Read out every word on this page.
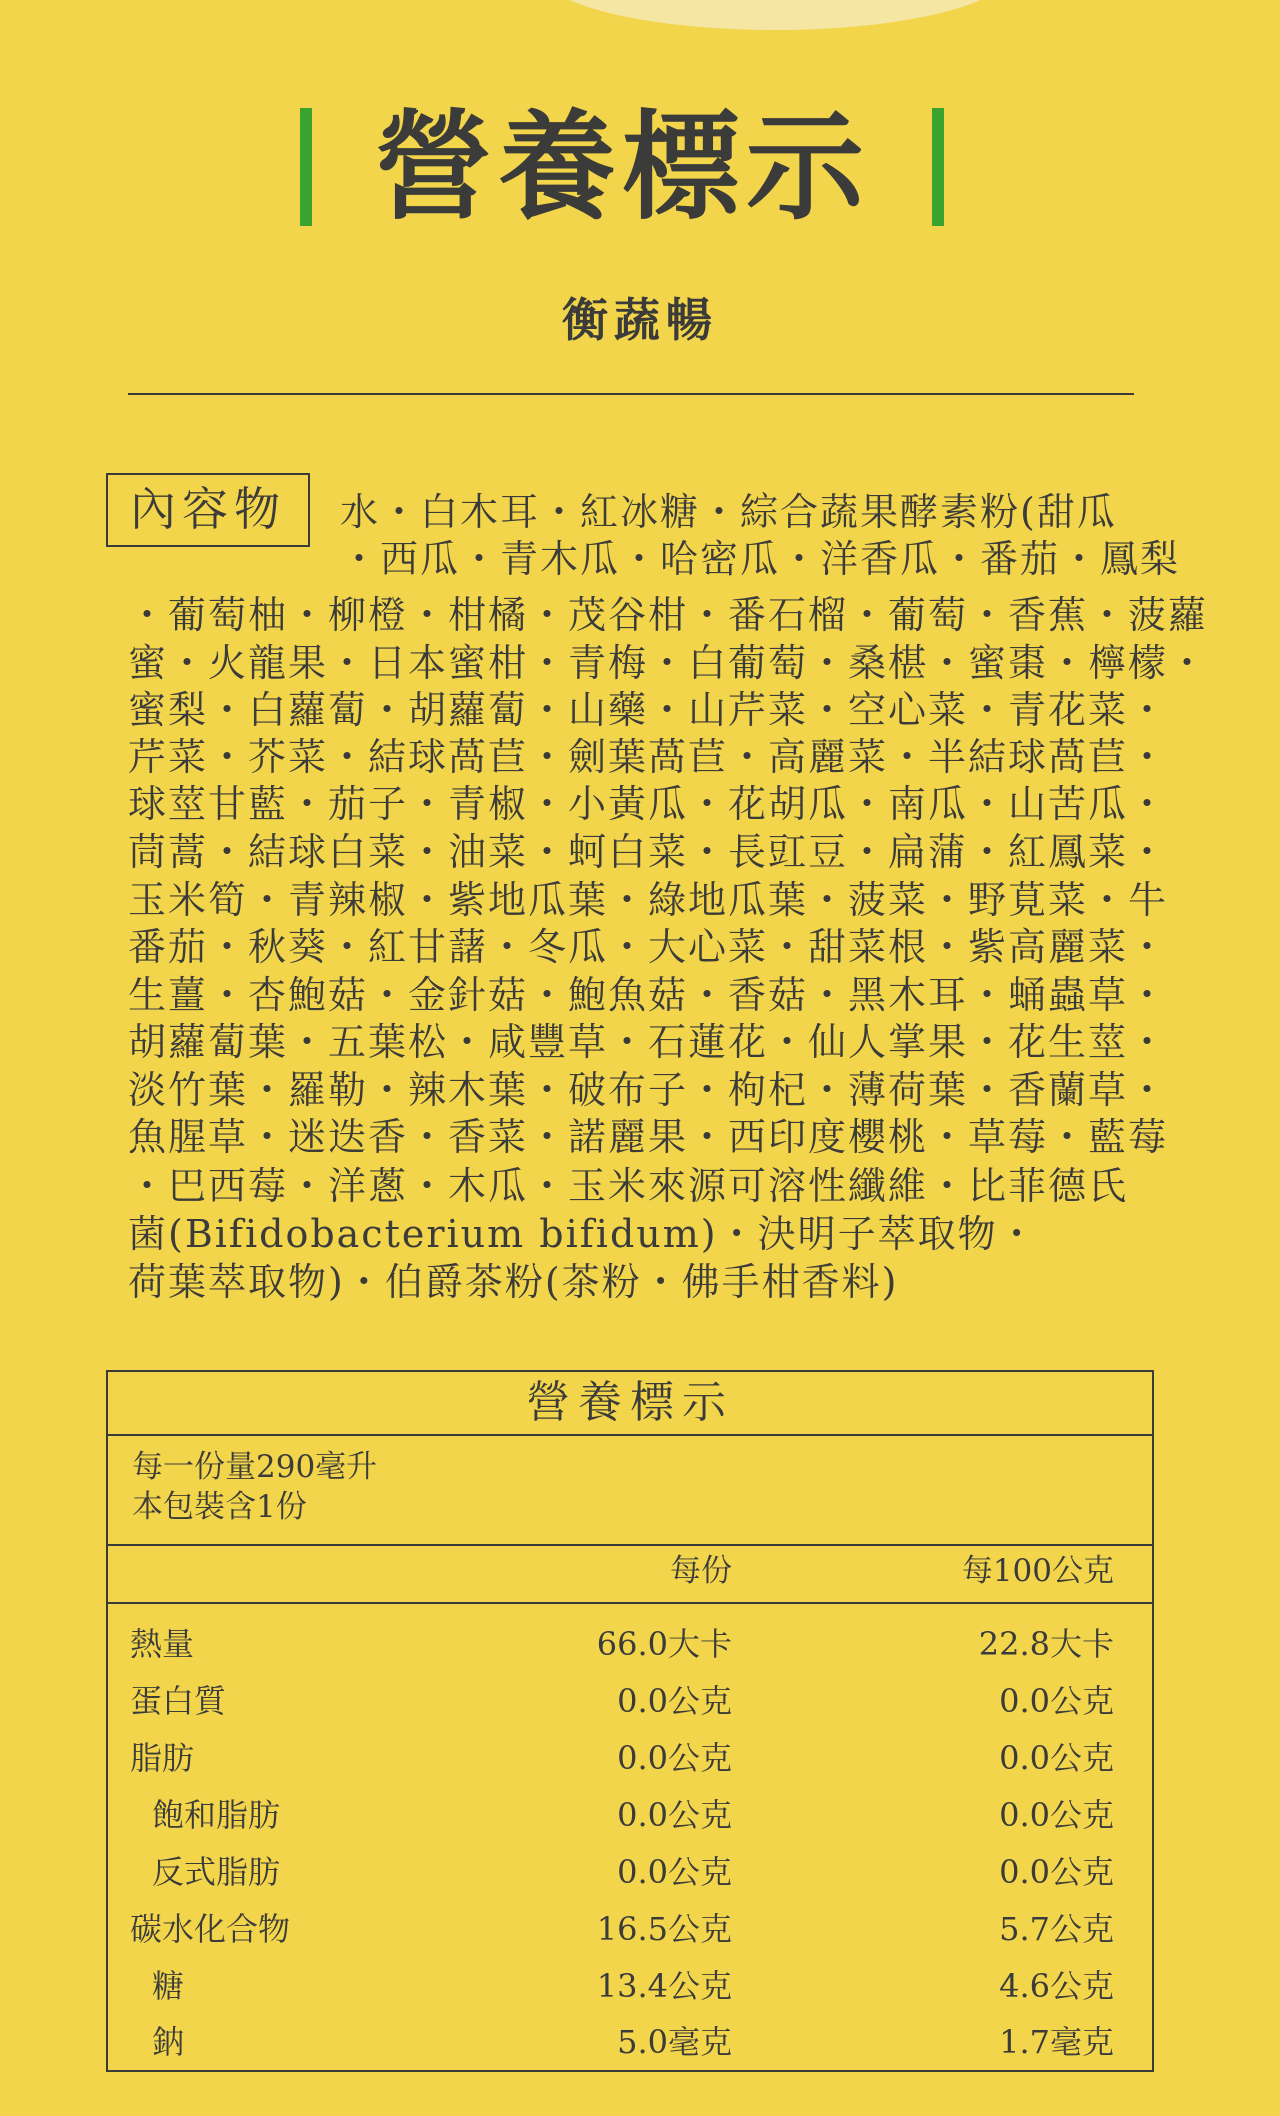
營養標示
衡蔬暢
內容物	水・白木耳・紅冰糖・綜合蔬果酵素粉(甜瓜
・西瓜・青木瓜・哈密瓜・洋香瓜・番茄・鳳梨
・葡萄柚・柳橙・柑橘・茂谷柑・番石榴・葡萄・香蕉・菠蘿
蜜・火龍果・日本蜜柑・青梅・白葡萄・桑椹・蜜棗・檸檬・
蜜梨・白蘿蔔・胡蘿蔔・山藥・山芹菜・空心菜・青花菜・
芹菜・芥菜・結球萵苣・劍葉萵苣・高麗菜・半結球萵苣・
球莖甘藍・茄子・青椒・小黃瓜・花胡瓜・南瓜・山苦瓜・
茼蒿・結球白菜・油菜・蚵白菜・長豇豆・扁蒲・紅鳳菜・
玉米筍・青辣椒・紫地瓜葉・綠地瓜葉・菠菜・野莧菜・牛
番茄・秋葵・紅甘藷・冬瓜・大心菜・甜菜根・紫高麗菜・
生薑・杏鮑菇・金針菇・鮑魚菇・香菇・黑木耳・蛹蟲草・
胡蘿蔔葉・五葉松・咸豐草・石蓮花・仙人掌果・花生莖・
淡竹葉・羅勒・辣木葉・破布子・枸杞・薄荷葉・香蘭草・
魚腥草・迷迭香・香菜・諾麗果・西印度櫻桃・草莓・藍莓
・巴西莓・洋蔥・木瓜・玉米來源可溶性纖維・比菲德氏
菌(Bifidobacterium bifidum)・決明子萃取物・
荷葉萃取物)・伯爵茶粉(茶粉・佛手柑香料)
營養標示
每一份量290毫升
本包裝含1份
每份	每100公克
熱量	66.0大卡	22.8大卡
蛋白質	0.0公克	0.0公克
脂肪	0.0公克	0.0公克
飽和脂肪	0.0公克	0.0公克
反式脂肪	0.0公克	0.0公克
碳水化合物	16.5公克	5.7公克
糖	13.4公克	4.6公克
鈉	5.0毫克	1.7毫克
